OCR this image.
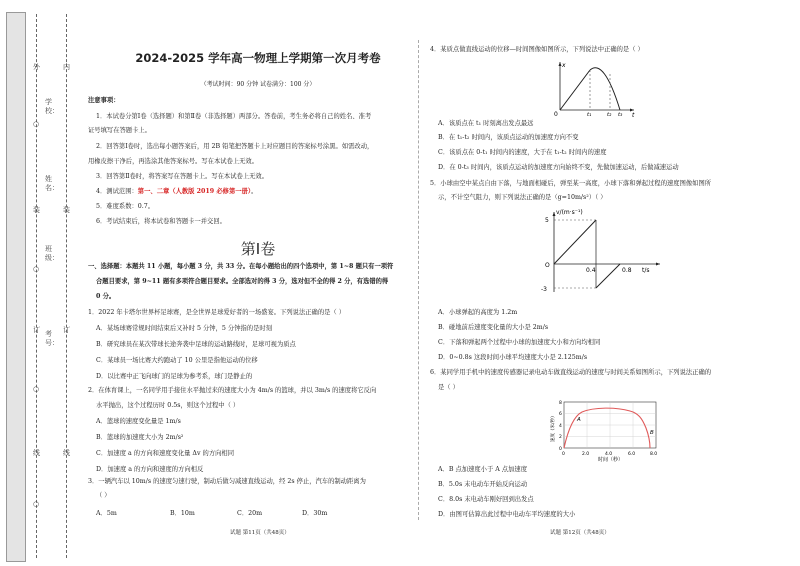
外
装
订
线
内
装
订
线
○
○
○
○
学校：
姓名：
班级：
考号：
2024-2025 学年高一物理上学期第一次月考卷
（考试时间：90 分钟 试卷满分：100 分）
注意事项：
1．本试卷分第Ⅰ卷（选择题）和第Ⅱ卷（非选择题）两部分。答卷前，考生务必将自己的姓名、准考
证号填写在答题卡上。
2．回答第Ⅰ卷时，选出每小题答案后，用 2B 铅笔把答题卡上对应题目的答案标号涂黑。如需改动，
用橡皮擦干净后，再选涂其他答案标号。写在本试卷上无效。
3．回答第Ⅱ卷时，将答案写在答题卡上。写在本试卷上无效。
4．测试范围：第一、二章（人教版 2019 必修第一册）。
5．难度系数：0.7。
6．考试结束后，将本试卷和答题卡一并交回。
第Ⅰ卷
一、选择题：本题共 11 小题，每小题 3 分，共 33 分。在每小题给出的四个选项中，第 1~8 题只有一项符
合题目要求，第 9~11 题有多项符合题目要求。全部选对的得 3 分，选对但不全的得 2 分，有选错的得
0 分。
1．2022 年卡塔尔世界杯足球赛，是全世界足球爱好者的一场盛宴。下列说法正确的是（ ）
A．某场球赛常规时间结束后又补时 5 分钟，5 分钟指的是时刻
B．研究球员在某次带球长途奔袭中足球的运动路线时，足球可视为质点
C．某球员一场比赛大约跑动了 10 公里是指他运动的位移
D．以比赛中正飞向球门的足球为参考系，球门是静止的
2．在体育课上，一名同学用手接住水平抛过来的速度大小为 4m/s 的篮球，并以 3m/s 的速度将它反向
水平抛出，这个过程历时 0.5s，则这个过程中（ ）
A．篮球的速度变化量是 1m/s
B．篮球的加速度大小为 2m/s²
C．加速度 a 的方向和速度变化量 Δv 的方向相同
D．加速度 a 的方向和速度的方向相反
3．一辆汽车以 10m/s 的速度匀速行驶，制动后做匀减速直线运动，经 2s 停止，汽车的制动距离为
（ ）
A．5m	B．10m	C．20m	D．30m
试题 第11页（共48页）
4．某质点做直线运动的位移—时间图像如图所示，下列说法中正确的是（ ）
x
t
0	t₁	t₂ t₃
A．该质点在 t₁ 时刻离出发点最远
B．在 t₁-t₂ 时间内，该质点运动的加速度方向不变
C．该质点在 0-t₁ 时间内的速度，大于在 t₁-t₂ 时间内的速度
D．在 0-t₃ 时间内，该质点运动的加速度方向始终不变，先做加速运动，后做减速运动
5．小球由空中某点自由下落，与地面相碰后，弹至某一高度，小球下落和弹起过程的速度图像如图所
示，不计空气阻力，则下列说法正确的是（g=10m/s²）（ ）
v/(m·s⁻¹)
t/s
5
O
-3
0.4	0.8
A．小球弹起的高度为 1.2m
B．碰地前后速度变化量的大小是 2m/s
C．下落和弹起两个过程中小球的加速度大小和方向均相同
D．0~0.8s 这段时间小球平均速度大小是 2.125m/s
6．某同学用手机中的速度传感器记录电动车做直线运动的速度与时间关系如图所示，下列说法正确的
是（ ）
A
B
0	2.0	4.0	6.0	8.0
0
2
4
6
8
时间（秒）
速度（米/秒）
A．B 点加速度小于 A 点加速度
B．5.0s 末电动车开始反向运动
C．8.0s 末电动车刚好回到出发点
D．由图可估算出此过程中电动车平均速度的大小
试题 第12页（共48页）
